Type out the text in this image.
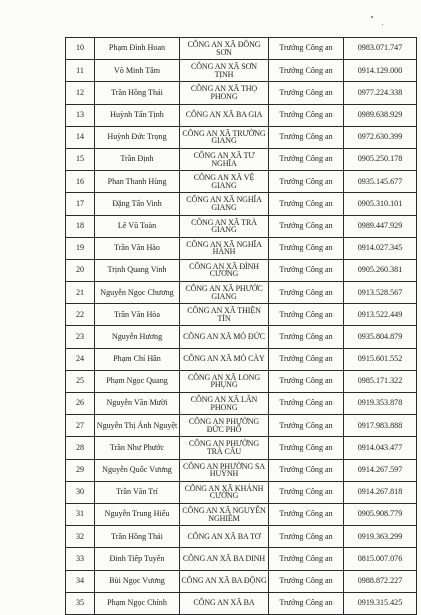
10	Phạm Đình Hoan	CÔNG AN XÃ ĐÔNG SƠN	Trưởng Công an	0983.071.747
11	Võ Minh Tâm	CÔNG AN XÃ SƠN TỊNH	Trưởng Công an	0914.129.000
12	Trần Hồng Thái	CÔNG AN XÃ THỌ PHONG	Trưởng Công an	0977.224.338
13	Huỳnh Tấn Tịnh	CÔNG AN XÃ BA GIA	Trưởng Công an	0989.638.929
14	Huỳnh Đức Trọng	CÔNG AN XÃ TRƯỜNG GIANG	Trưởng Công an	0972.630.399
15	Trần Định	CÔNG AN XÃ TƯ NGHĨA	Trưởng Công an	0905.250.178
16	Phan Thanh Hùng	CÔNG AN XÃ VỆ GIANG	Trưởng Công an	0935.145.677
17	Đặng Tấn Vinh	CÔNG AN XÃ NGHĨA GIANG	Trưởng Công an	0905.310.101
18	Lê Vũ Toàn	CÔNG AN XÃ TRÀ GIANG	Trưởng Công an	0989.447.929
19	Trần Văn Hào	CÔNG AN XÃ NGHĨA HÀNH	Trưởng Công an	0914.027.345
20	Trịnh Quang Vinh	CÔNG AN XÃ ĐÌNH CƯƠNG	Trưởng Công an	0905.260.381
21	Nguyễn Ngọc Chương	CÔNG AN XÃ PHƯỚC GIANG	Trưởng Công an	0913.528.567
22	Trần Văn Hòa	CÔNG AN XÃ THIỆN TÍN	Trưởng Công an	0913.522.449
23	Nguyễn Hương	CÔNG AN XÃ MỎ ĐỨC	Trưởng Công an	0935.804.879
24	Phạm Chí Hân	CÔNG AN XÃ MỎ CÀY	Trưởng Công an	0915.601.552
25	Phạm Ngọc Quang	CÔNG AN XÃ LONG PHỤNG	Trưởng Công an	0985.171.322
26	Nguyễn Văn Mười	CÔNG AN XÃ LÂN PHONG	Trưởng Công an	0919.353.878
27	Nguyễn Thị Ánh Nguyệt	CÔNG AN PHƯỜNG ĐỨC PHỔ	Trưởng Công an	0917.983.888
28	Trần Như Phước	CÔNG AN PHƯỜNG TRÀ CÂU	Trưởng Công an	0914.043.477
29	Nguyễn Quốc Vương	CÔNG AN PHƯỜNG SA HUỲNH	Trưởng Công an	0914.267.597
30	Trần Văn Trí	CÔNG AN XÃ KHÁNH CƯỜNG	Trưởng Công an	0914.267.818
31	Nguyễn Trung Hiếu	CÔNG AN XÃ NGUYỄN NGHIÊM	Trưởng Công an	0905.908.779
32	Trần Hồng Thái	CÔNG AN XÃ BA TƠ	Trưởng Công an	0919.363.299
33	Đinh Tiếp Tuyến	CÔNG AN XÃ BA DINH	Trưởng Công an	0815.007.076
34	Bùi Ngọc Vương	CÔNG AN XÃ BA ĐỘNG	Trưởng Công an	0988.872.227
35	Phạm Ngọc Chính	CÔNG AN XÃ BA	Trưởng Công an	0919.315.425
